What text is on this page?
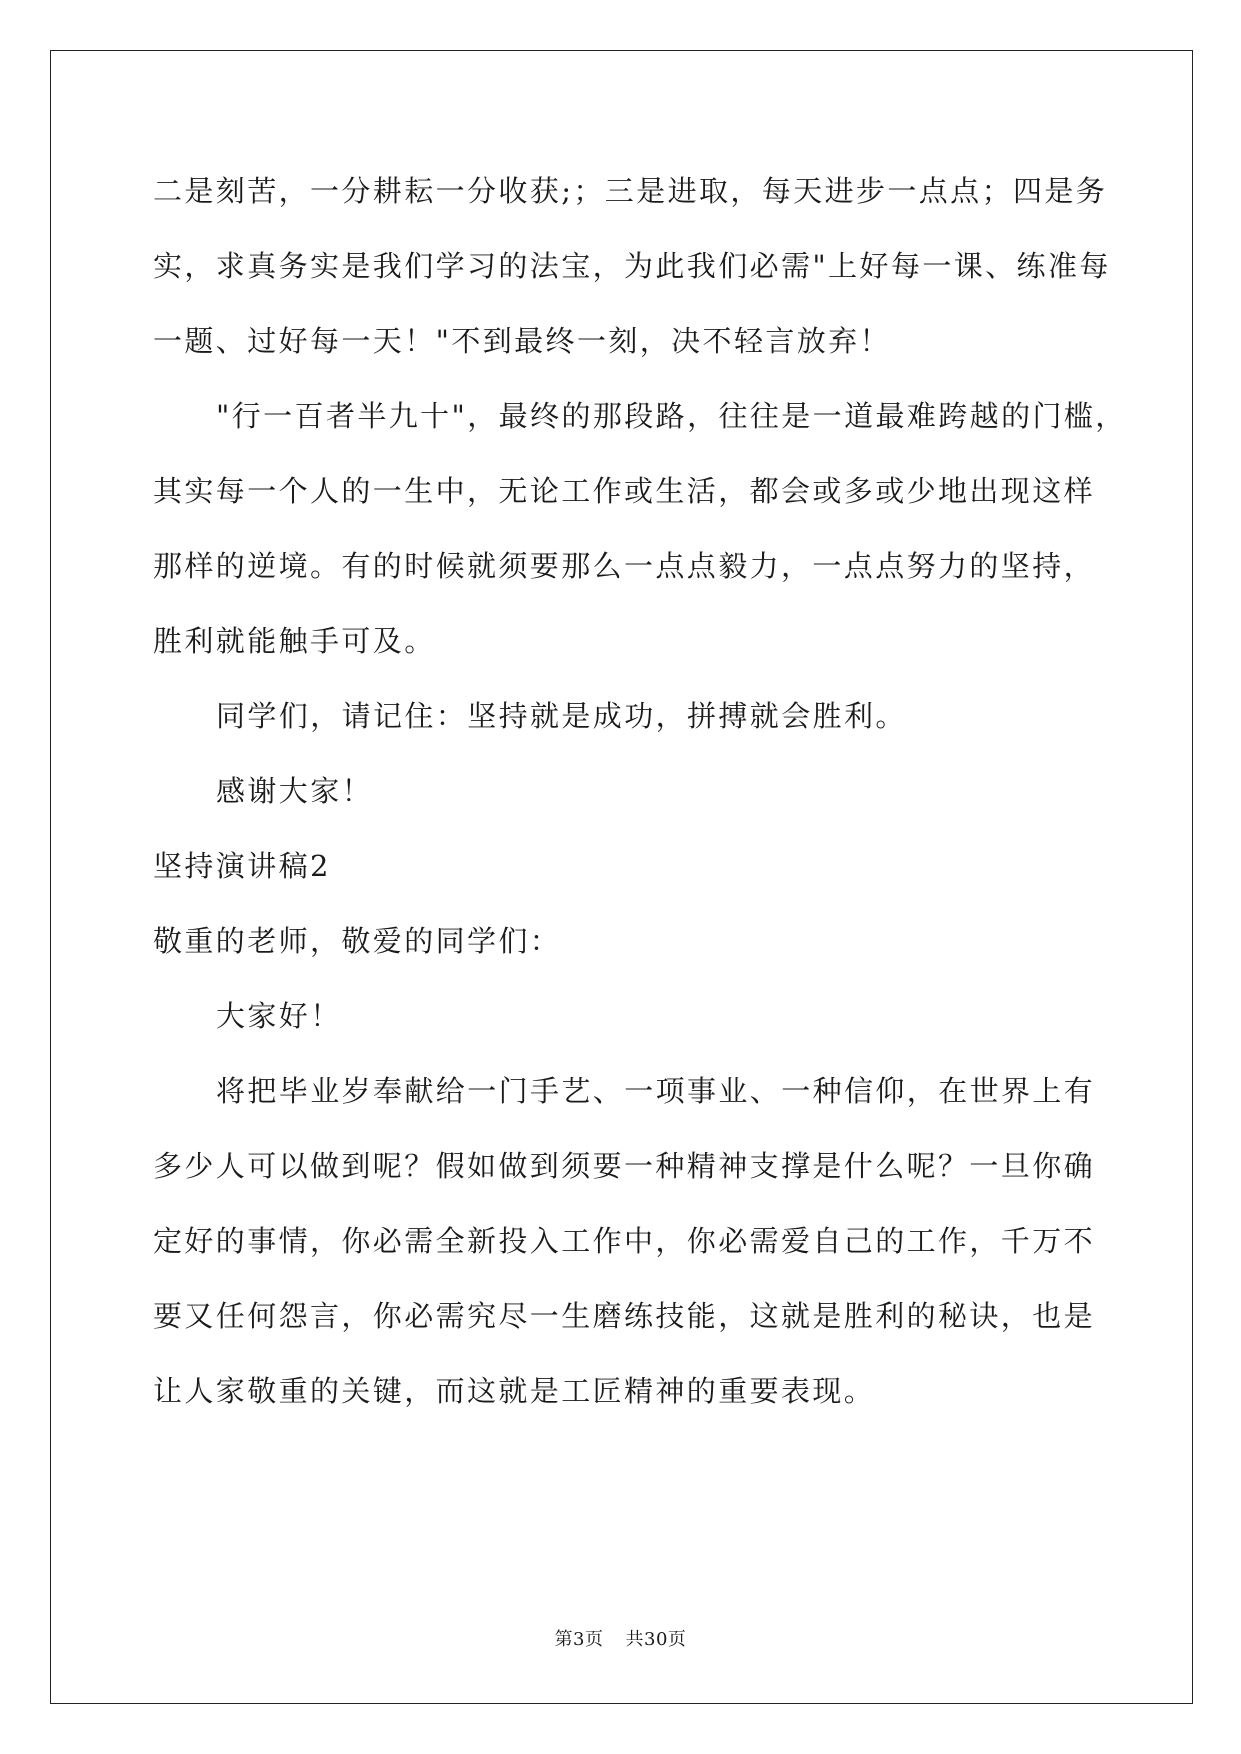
二是刻苦，一分耕耘一分收获;；三是进取，每天进步一点点；四是务
实，求真务实是我们学习的法宝，为此我们必需"上好每一课、练准每
一题、过好每一天！"不到最终一刻，决不轻言放弃！
"行一百者半九十"，最终的那段路，往往是一道最难跨越的门槛，
其实每一个人的一生中，无论工作或生活，都会或多或少地出现这样
那样的逆境。有的时候就须要那么一点点毅力，一点点努力的坚持，
胜利就能触手可及。
同学们，请记住：坚持就是成功，拼搏就会胜利。
感谢大家！
坚持演讲稿2
敬重的老师，敬爱的同学们：
大家好！
将把毕业岁奉献给一门手艺、一项事业、一种信仰，在世界上有
多少人可以做到呢？假如做到须要一种精神支撑是什么呢？一旦你确
定好的事情，你必需全新投入工作中，你必需爱自己的工作，千万不
要又任何怨言，你必需究尽一生磨练技能，这就是胜利的秘诀，也是
让人家敬重的关键，而这就是工匠精神的重要表现。
第3页 共30页
